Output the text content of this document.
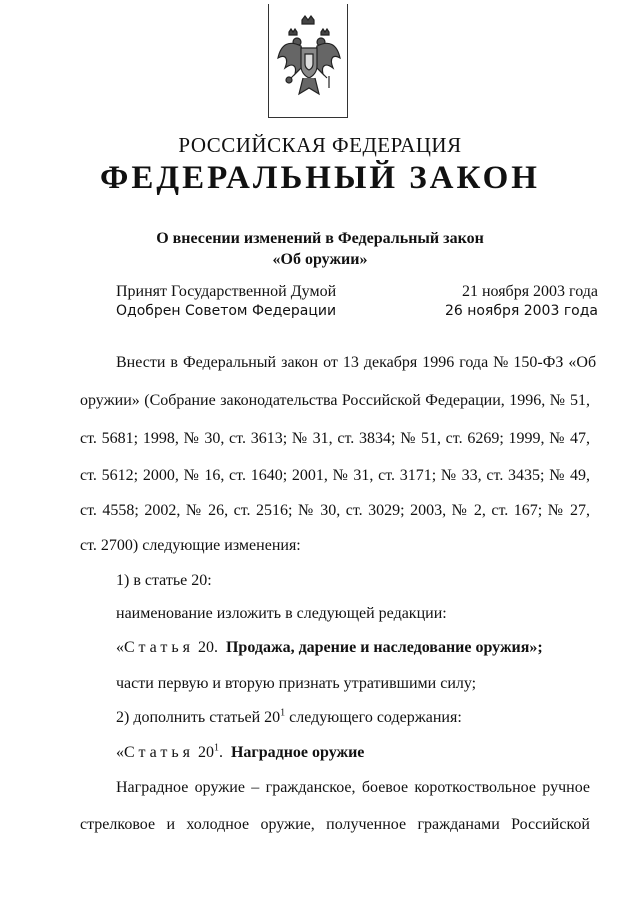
РОССИЙСКАЯ ФЕДЕРАЦИЯ
ФЕДЕРАЛЬНЫЙ ЗАКОН
О внесении изменений в Федеральный закон
«Об оружии»
Принят Государственной Думой	21 ноября 2003 года
Одобрен Советом Федерации	26 ноября 2003 года
Внести в Федеральный закон от 13 декабря 1996 года № 150-ФЗ «Об
оружии» (Собрание законодательства Российской Федерации, 1996, № 51,
ст. 5681; 1998, № 30, ст. 3613; № 31, ст. 3834; № 51, ст. 6269; 1999, № 47,
ст. 5612; 2000, № 16, ст. 1640; 2001, № 31, ст. 3171; № 33, ст. 3435; № 49,
ст. 4558; 2002, № 26, ст. 2516; № 30, ст. 3029; 2003, № 2, ст. 167; № 27,
ст. 2700) следующие изменения:
1) в статье 20:
наименование изложить в следующей редакции:
«Статья 20. Продажа, дарение и наследование оружия»;
части первую и вторую признать утратившими силу;
2) дополнить статьей $20^1$ следующего содержания:
«Статья $20^1$.  Наградное оружие
Наградное оружие – гражданское, боевое короткоствольное ручное
стрелковое и холодное оружие, полученное гражданами Российской
